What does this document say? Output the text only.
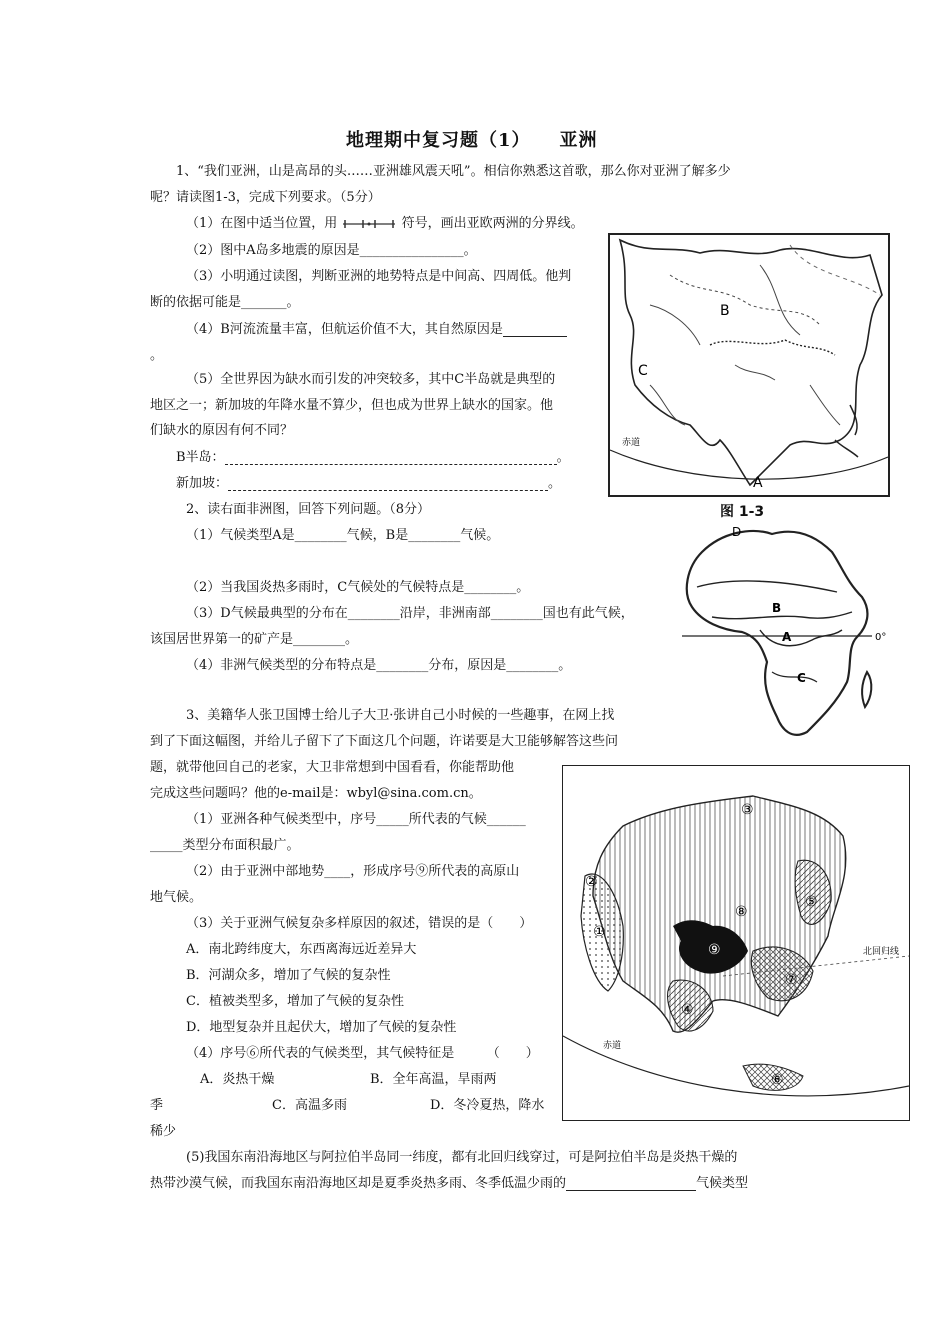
地理期中复习题（1）　　亚洲
1、“我们亚洲，山是高昂的头……亚洲雄风震天吼”。相信你熟悉这首歌，那么你对亚洲了解多少
呢？请读图1-3，完成下列要求。（5分）
（1）在图中适当位置，用	符号，画出亚欧两洲的分界线。
（2）图中A岛多地震的原因是________________。
（3）小明通过读图，判断亚洲的地势特点是中间高、四周低。他判
断的依据可能是_______。
（4）B河流流量丰富，但航运价值不大，其自然原因是
。
（5）全世界因为缺水而引发的冲突较多，其中C半岛就是典型的
地区之一；新加坡的年降水量不算少，但也成为世界上缺水的国家。他
们缺水的原因有何不同？
B半岛：	。
新加坡：	。
B
C
A
赤道
图 1-3
2、读右面非洲图，回答下列问题。（8分）
（1）气候类型A是________气候，B是________气候。
（2）当我国炎热多雨时，C气候处的气候特点是________。
（3）D气候最典型的分布在________沿岸，非洲南部________国也有此气候，
该国居世界第一的矿产是________。
（4）非洲气候类型的分布特点是________分布，原因是________。
D
B
A
C
0°
3、美籍华人张卫国博士给儿子大卫·张讲自己小时候的一些趣事，在网上找
到了下面这幅图，并给儿子留下了下面这几个问题，许诺要是大卫能够解答这些问
题，就带他回自己的老家，大卫非常想到中国看看，你能帮助他
完成这些问题吗？他的e-mail是：wbyl@sina.com.cn。
（1）亚洲各种气候类型中，序号_____所代表的气候______
_____类型分布面积最广。
（2）由于亚洲中部地势____，形成序号⑨所代表的高原山
地气候。
（3）关于亚洲气候复杂多样原因的叙述，错误的是（　　）
A．南北跨纬度大，东西离海远近差异大
B．河湖众多，增加了气候的复杂性
C．植被类型多，增加了气候的复杂性
D．地型复杂并且起伏大，增加了气候的复杂性
（4）序号⑥所代表的气候类型，其气候特征是　　　（　　）
A．炎热干燥	B．全年高温，旱雨两
季	C．高温多雨	D．冬冷夏热，降水
稀少
(5)我国东南沿海地区与阿拉伯半岛同一纬度，都有北回归线穿过，可是阿拉伯半岛是炎热干燥的
热带沙漠气候，而我国东南沿海地区却是夏季炎热多雨、冬季低温少雨的	气候类型
①
②
③
④
⑤
⑥
⑦
⑧
⑨
赤道
北回归线
